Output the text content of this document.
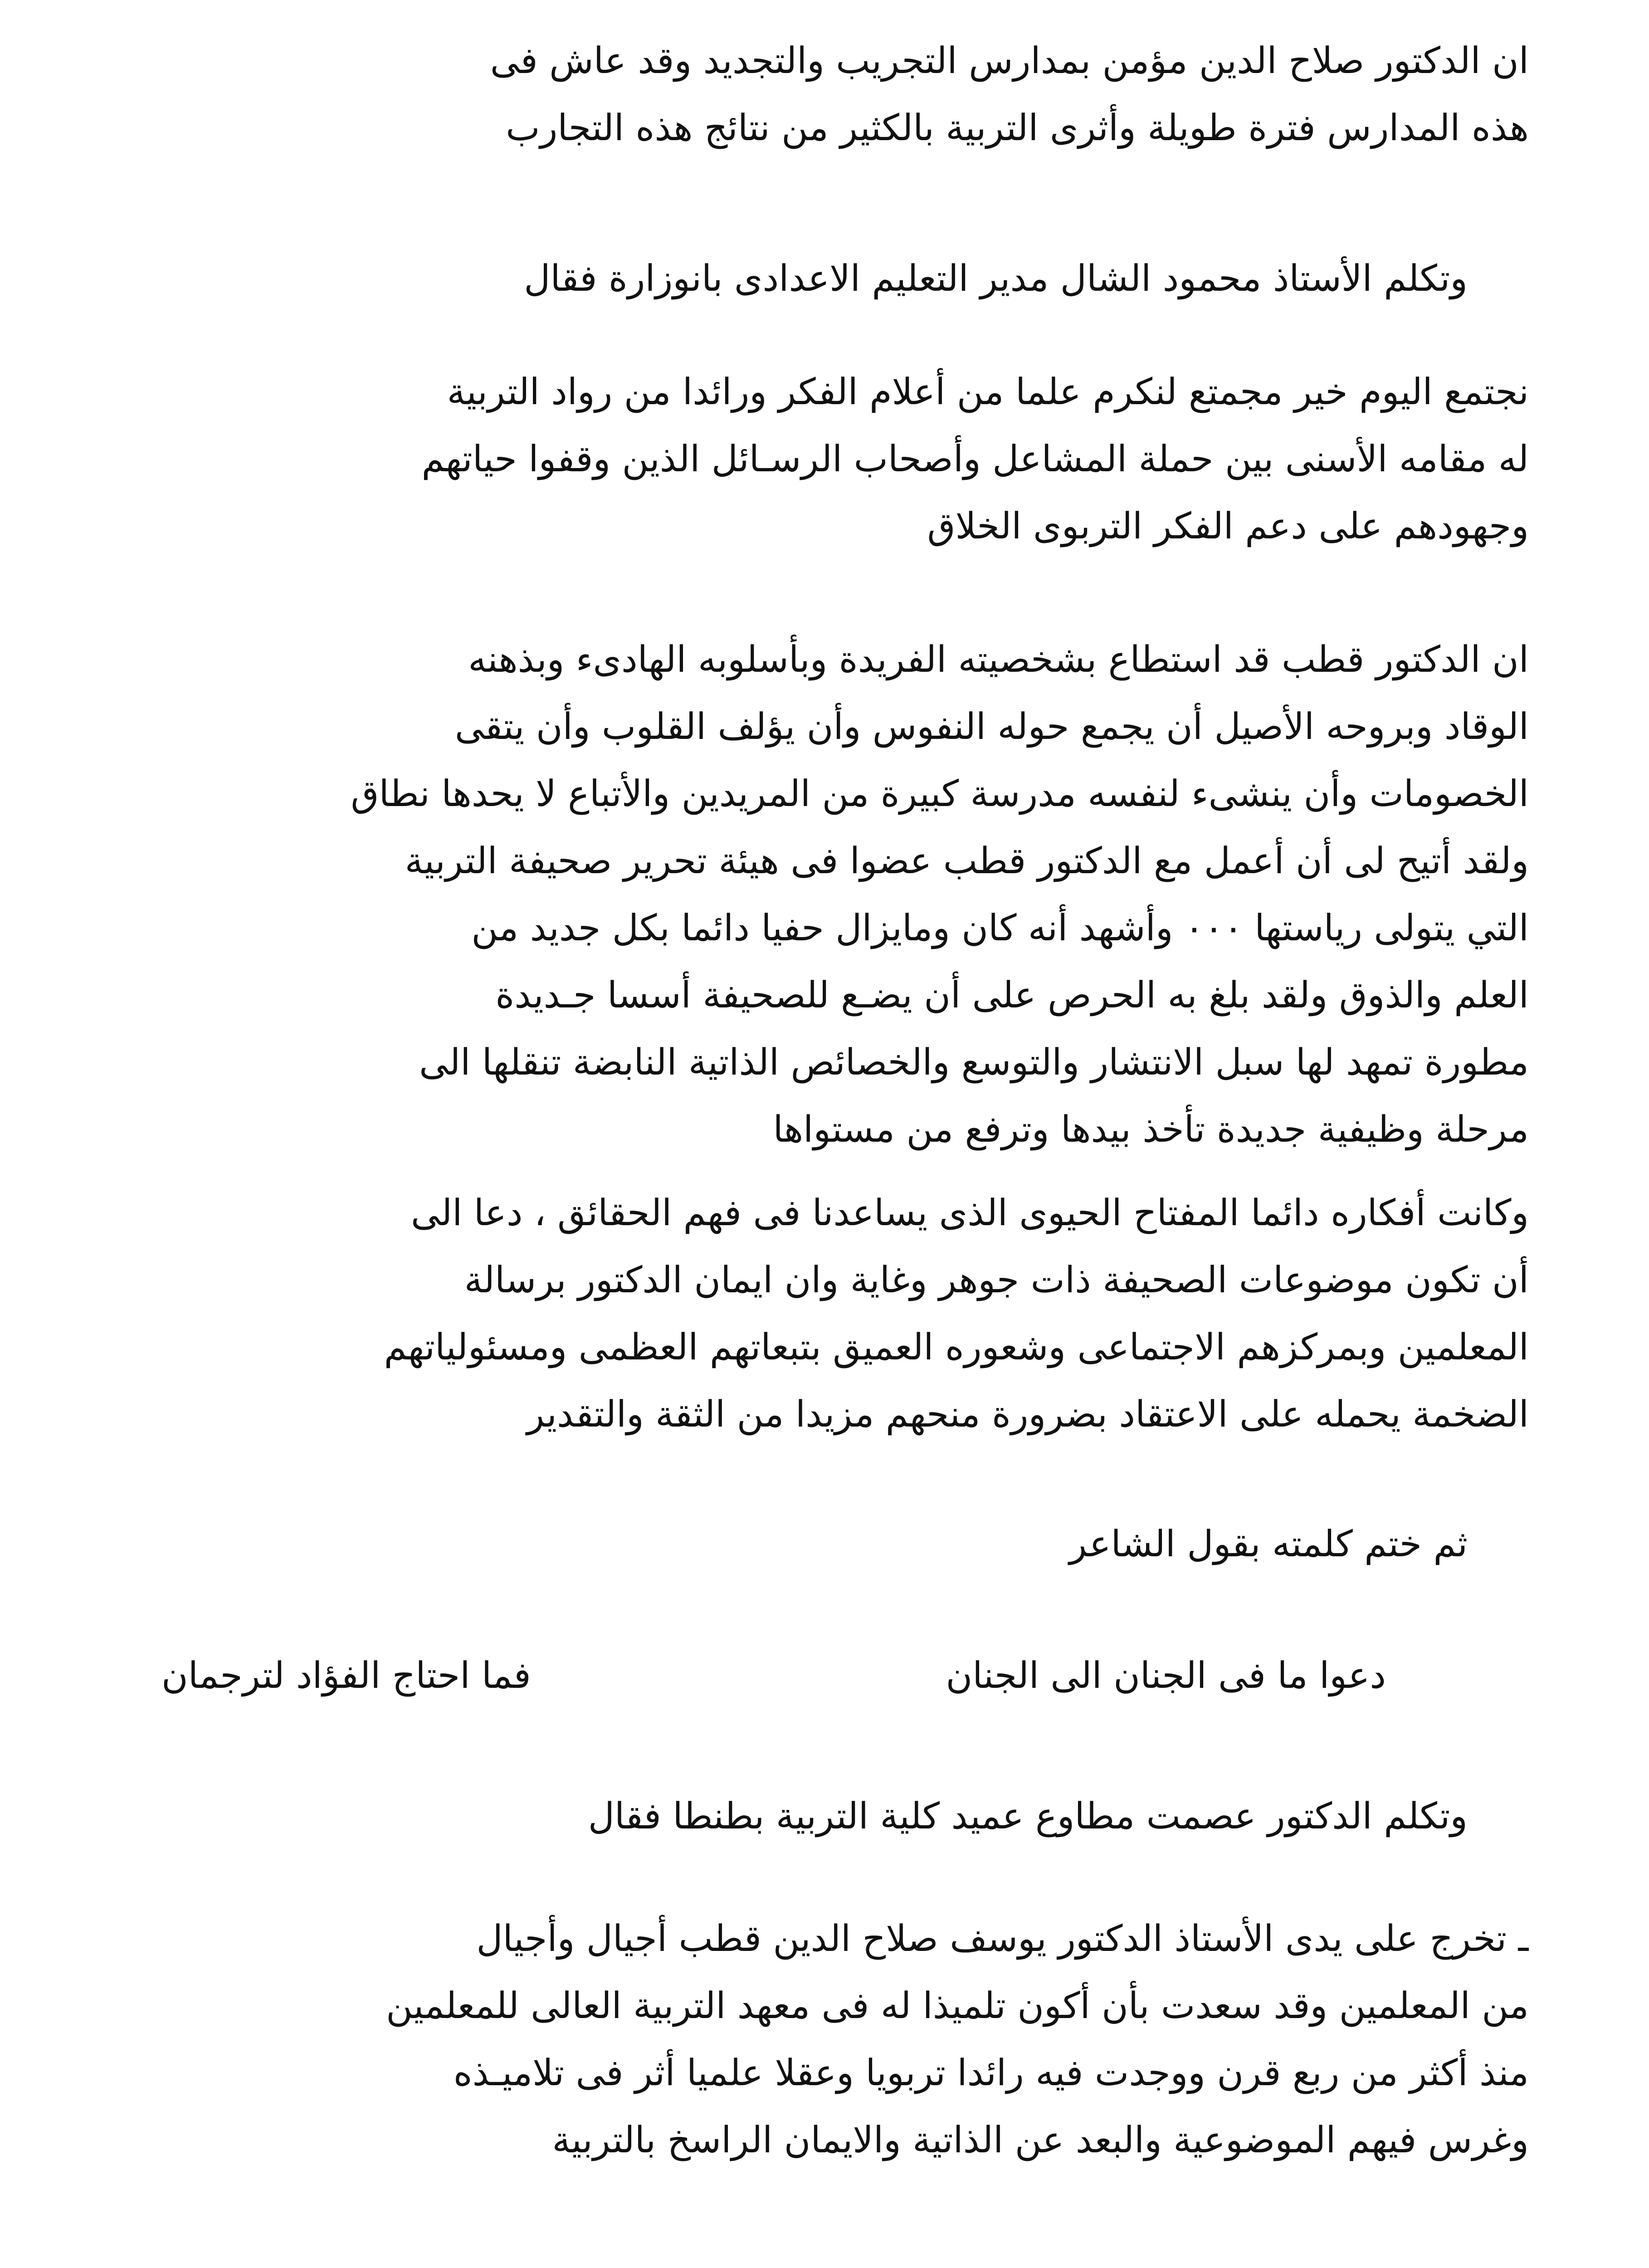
ان الدكتور صلاح الدين مؤمن بمدارس التجريب والتجديد وقد عاش فى
هذه المدارس فترة طويلة وأثرى التربية بالكثير من نتائج هذه التجارب
وتكلم الأستاذ محمود الشال مدير التعليم الاعدادى بانوزارة فقال
نجتمع اليوم خير مجمتع لنكرم علما من أعلام الفكر ورائدا من رواد التربية
له مقامه الأسنى بين حملة المشاعل وأصحاب الرسـائل الذين وقفوا حياتهم
وجهودهم على دعم الفكر التربوى الخلاق
ان الدكتور قطب قد استطاع بشخصيته الفريدة وبأسلوبه الهادىء وبذهنه
الوقاد وبروحه الأصيل أن يجمع حوله النفوس وأن يؤلف القلوب وأن يتقى
الخصومات وأن ينشىء لنفسه مدرسة كبيرة من المريدين والأتباع لا يحدها نطاق
ولقد أتيح لى أن أعمل مع الدكتور قطب عضوا فى هيئة تحرير صحيفة التربية
التي يتولى رياستها ٠٠٠ وأشهد أنه كان ومايزال حفيا دائما بكل جديد من
العلم والذوق ولقد بلغ به الحرص على أن يضـع للصحيفة أسسا جـديدة
مطورة تمهد لها سبل الانتشار والتوسع والخصائص الذاتية النابضة تنقلها الى
مرحلة وظيفية جديدة تأخذ بيدها وترفع من مستواها
وكانت أفكاره دائما المفتاح الحيوى الذى يساعدنا فى فهم الحقائق ، دعا الى
أن تكون موضوعات الصحيفة ذات جوهر وغاية وان ايمان الدكتور برسالة
المعلمين وبمركزهم الاجتماعى وشعوره العميق بتبعاتهم العظمى ومسئولياتهم
الضخمة يحمله على الاعتقاد بضرورة منحهم مزيدا من الثقة والتقدير
ثم ختم كلمته بقول الشاعر
دعوا ما فى الجنان الى الجنان
فما احتاج الفؤاد لترجمان
وتكلم الدكتور عصمت مطاوع عميد كلية التربية بطنطا فقال
ـ تخرج على يدى الأستاذ الدكتور يوسف صلاح الدين قطب أجيال وأجيال
من المعلمين وقد سعدت بأن أكون تلميذا له فى معهد التربية العالى للمعلمين
منذ أكثر من ربع قرن ووجدت فيه رائدا تربويا وعقلا علميا أثر فى تلاميـذه
وغرس فيهم الموضوعية والبعد عن الذاتية والايمان الراسخ بالتربية
